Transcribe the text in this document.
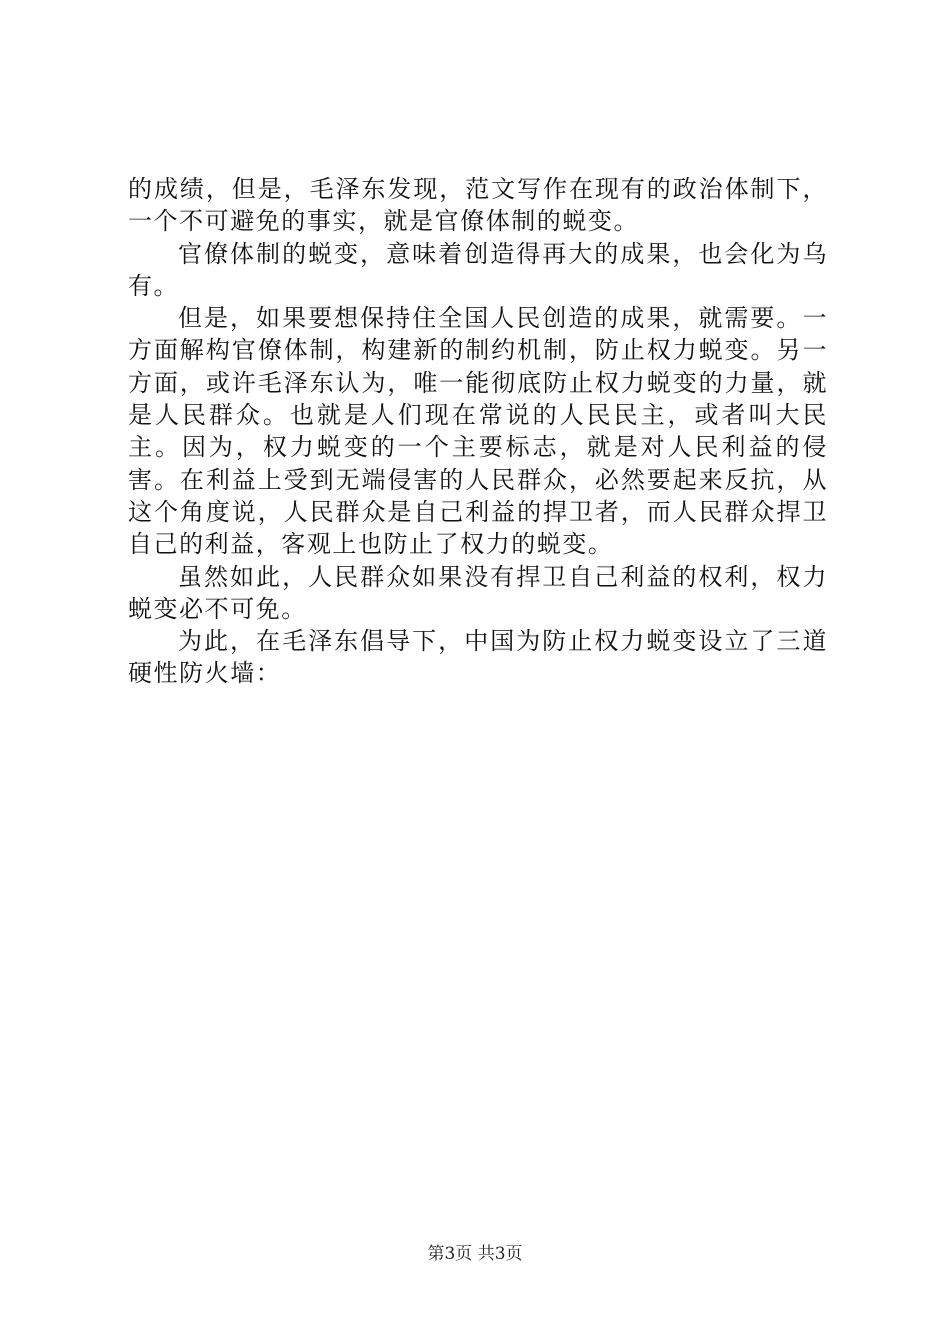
的成绩，但是，毛泽东发现，范文写作在现有的政治体制下，一个不可避免的事实，就是官僚体制的蜕变。

官僚体制的蜕变，意味着创造得再大的成果，也会化为乌有。

但是，如果要想保持住全国人民创造的成果，就需要。一方面解构官僚体制，构建新的制约机制，防止权力蜕变。另一方面，或许毛泽东认为，唯一能彻底防止权力蜕变的力量，就是人民群众。也就是人们现在常说的人民民主，或者叫大民主。因为，权力蜕变的一个主要标志，就是对人民利益的侵害。在利益上受到无端侵害的人民群众，必然要起来反抗，从这个角度说，人民群众是自己利益的捍卫者，而人民群众捍卫自己的利益，客观上也防止了权力的蜕变。

虽然如此，人民群众如果没有捍卫自己利益的权利，权力蜕变必不可免。

为此，在毛泽东倡导下，中国为防止权力蜕变设立了三道硬性防火墙：

第3页 共3页
